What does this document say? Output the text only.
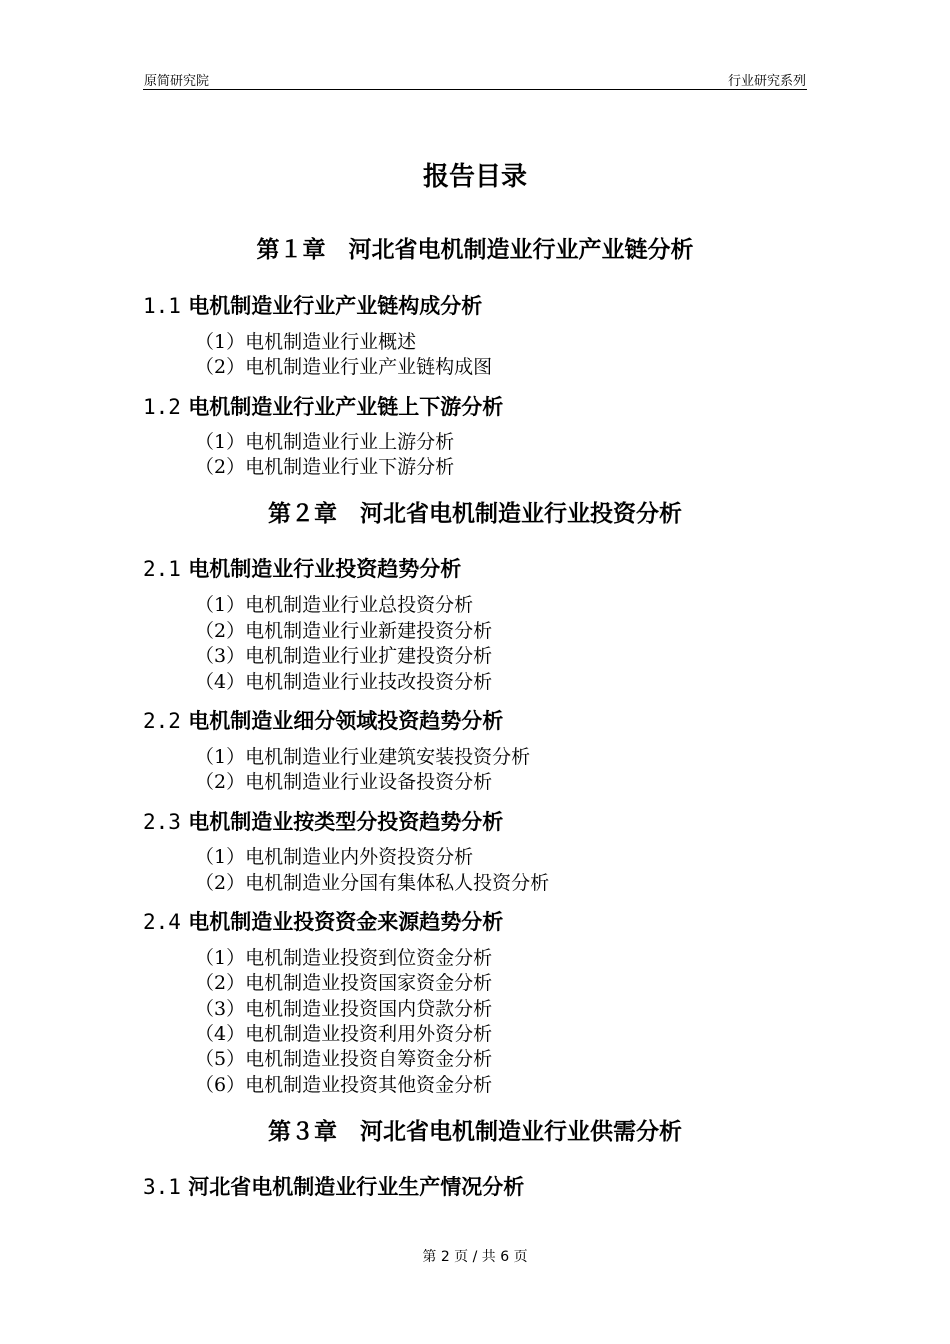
原简研究院	行业研究系列
报告目录
第１章　河北省电机制造业行业产业链分析
1.1 电机制造业行业产业链构成分析
（1）电机制造业行业概述
（2）电机制造业行业产业链构成图
1.2 电机制造业行业产业链上下游分析
（1）电机制造业行业上游分析
（2）电机制造业行业下游分析
第２章　河北省电机制造业行业投资分析
2.1 电机制造业行业投资趋势分析
（1）电机制造业行业总投资分析
（2）电机制造业行业新建投资分析
（3）电机制造业行业扩建投资分析
（4）电机制造业行业技改投资分析
2.2 电机制造业细分领域投资趋势分析
（1）电机制造业行业建筑安装投资分析
（2）电机制造业行业设备投资分析
2.3 电机制造业按类型分投资趋势分析
（1）电机制造业内外资投资分析
（2）电机制造业分国有集体私人投资分析
2.4 电机制造业投资资金来源趋势分析
（1）电机制造业投资到位资金分析
（2）电机制造业投资国家资金分析
（3）电机制造业投资国内贷款分析
（4）电机制造业投资利用外资分析
（5）电机制造业投资自筹资金分析
（6）电机制造业投资其他资金分析
第３章　河北省电机制造业行业供需分析
3.1 河北省电机制造业行业生产情况分析
第 2 页 / 共 6 页
